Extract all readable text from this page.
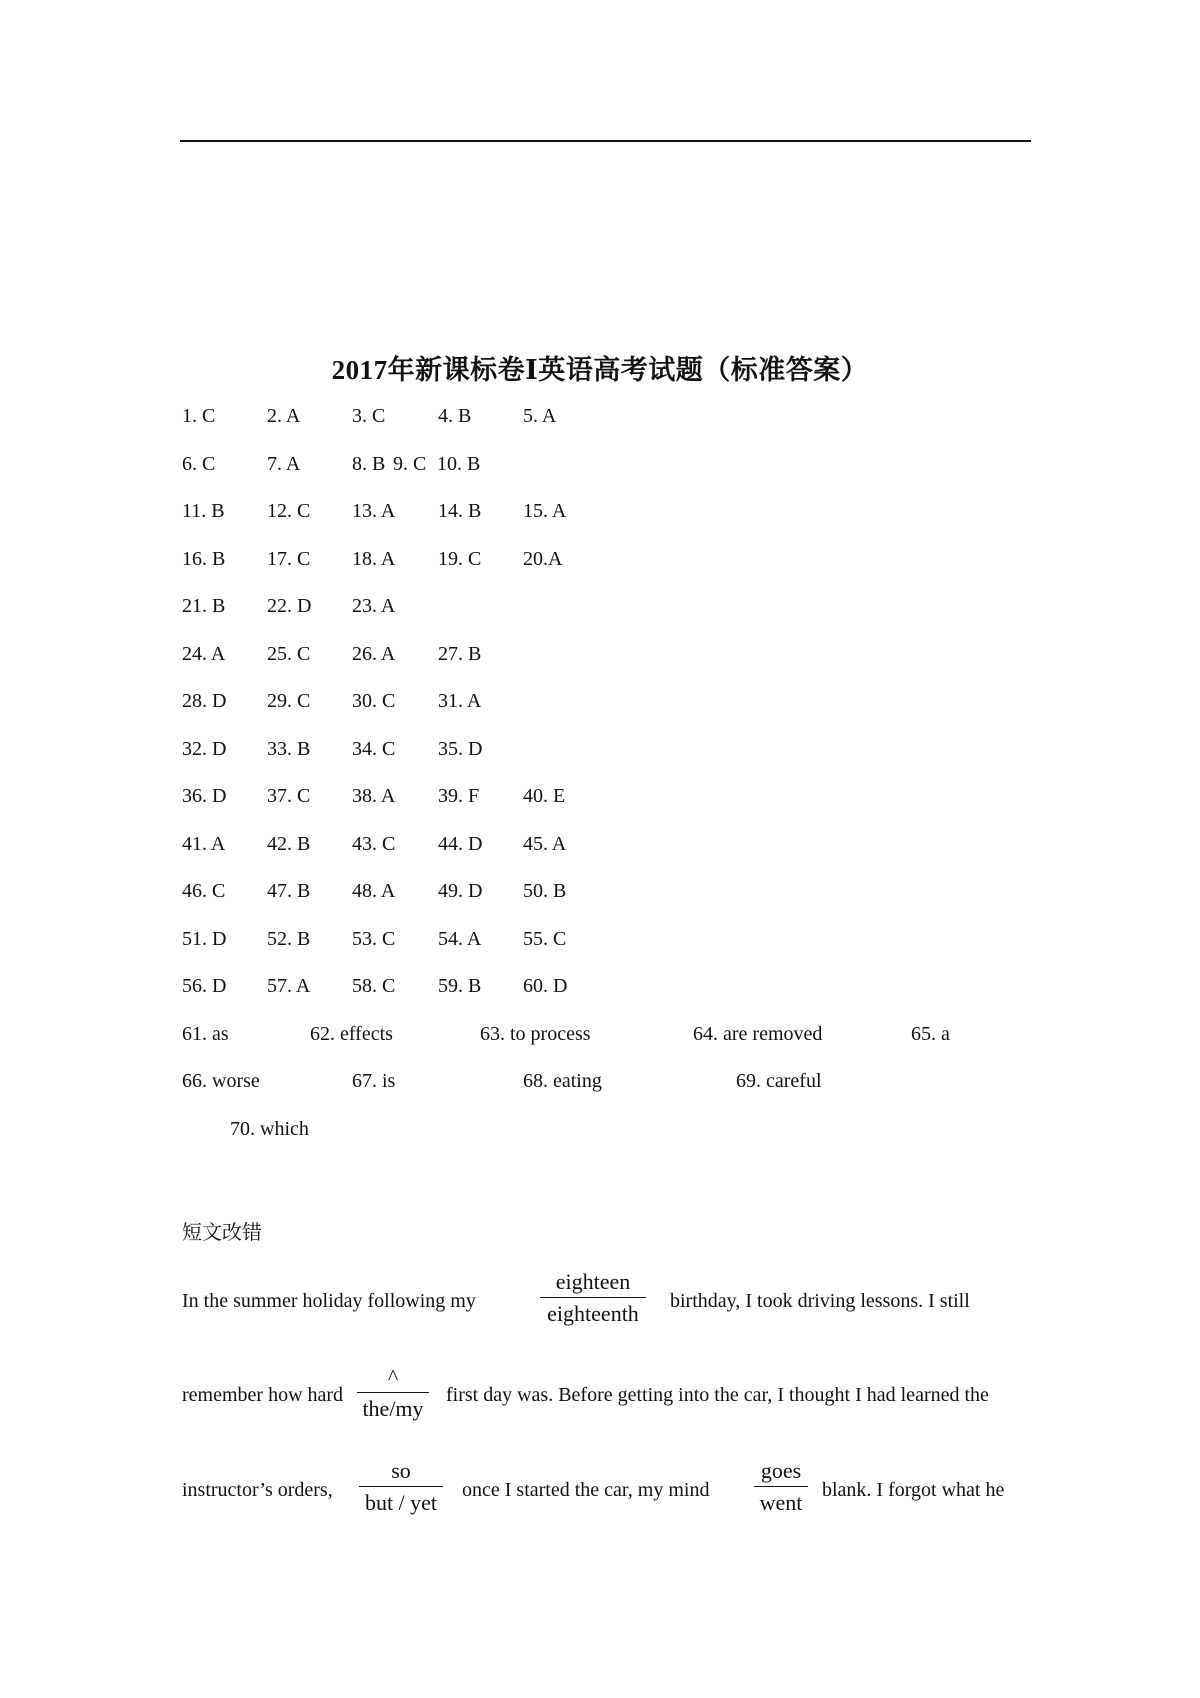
2017年新课标卷Ⅰ英语高考试题（标准答案）
1. C	2. A	3. C	4. B	5. A
6. C	7. A	8. B 9. C 10. B
11. B 12. C 13. A 14. B 15. A
16. B 17. C 18. A 19. C 20.A
21. B 22. D 23. A
24. A 25. C 26. A 27. B
28. D 29. C 30. C 31. A
32. D 33. B 34. C 35. D
36. D 37. C 38. A 39. F 40. E
41. A 42. B 43. C 44. D 45. A
46. C 47. B 48. A 49. D 50. B
51. D 52. B 53. C 54. A 55. C
56. D 57. A 58. C 59. B 60. D
61. as	62. effects	63. to process	64. are removed	65. a
66. worse	67. is	68. eating	69. careful
70. which
短文改错
In the summer holiday following my
eighteen
eighteenth	birthday, I took driving lessons. I still
remember how hard
^
the/my
first day was. Before getting into the car, I thought I had learned the
instructor’s orders,
so
but / yet once I started the car, my mind
goes
went blank. I forgot what he
